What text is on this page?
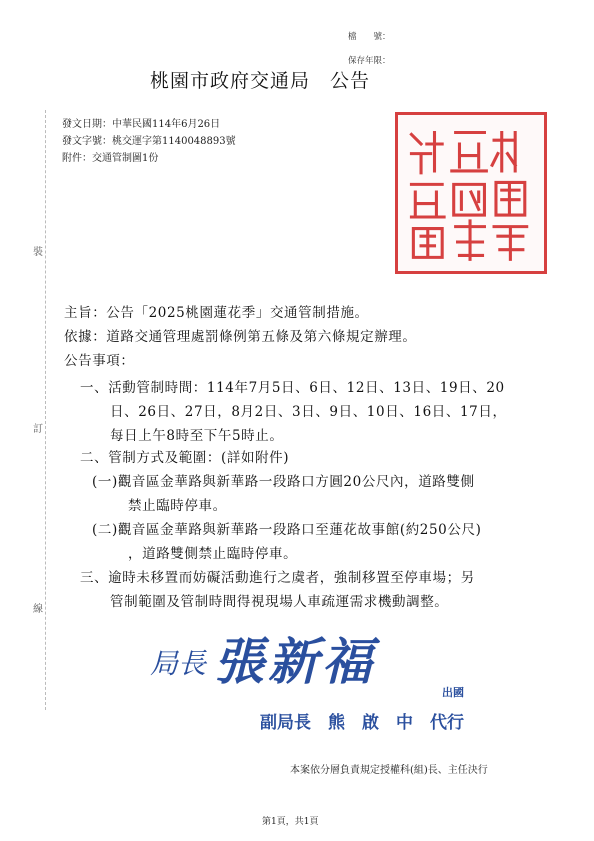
檔　　號：
保存年限：
桃園市政府交通局　公告
發文日期：中華民國114年6月26日
發文字號：桃交運字第1140048893號
附件：交通管制圖1份
裝
訂
線
主旨：公告「2025桃園蓮花季」交通管制措施。
依據：道路交通管理處罰條例第五條及第六條規定辦理。
公告事項：
一、活動管制時間：114年7月5日、6日、12日、13日、19日、20
日、26日、27日，8月2日、3日、9日、10日、16日、17日，
每日上午8時至下午5時止。
二、管制方式及範圍：(詳如附件)
(一)觀音區金華路與新華路一段路口方圓20公尺內，道路雙側
禁止臨時停車。
(二)觀音區金華路與新華路一段路口至蓮花故事館(約250公尺)
，道路雙側禁止臨時停車。
三、逾時未移置而妨礙活動進行之虞者，強制移置至停車場；另
管制範圍及管制時間得視現場人車疏運需求機動調整。
局長 張新福
出國
副局長　熊　啟　中　代行
本案依分層負責規定授權科(組)長、主任決行
第1頁，共1頁
